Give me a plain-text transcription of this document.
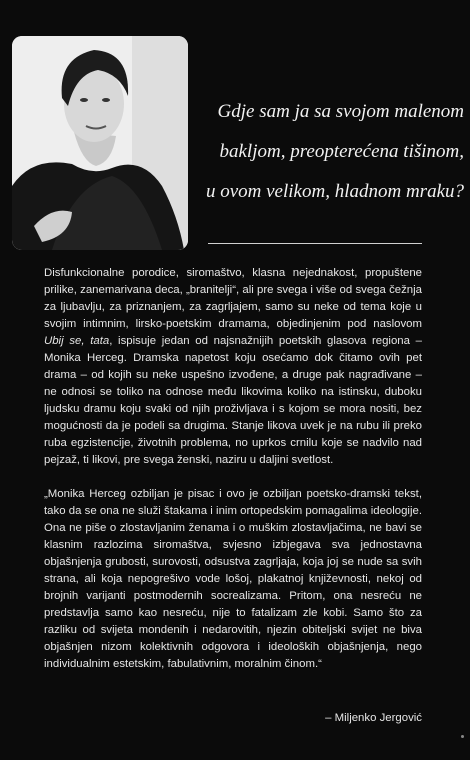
Gdje sam ja sa svojom malenom
bakljom, preopterećena tišinom,
u ovom velikom, hladnom mraku?

Disfunkcionalne porodice, siromaštvo, klasna nejednakost, propuštene prilike, zanemarivana deca, „branitelji“, ali pre svega i više od svega čežnja za ljubavlju, za priznanjem, za zagrljajem, samo su neke od tema koje u svojim intimnim, lirsko-poetskim dramama, objedinjenim pod naslovom Ubij se, tata, ispisuje jedan od najsnažnijih poetskih glasova regiona – Monika Herceg. Dramska napetost koju osećamo dok čitamo ovih pet drama – od kojih su neke uspešno izvođene, a druge pak nagrađivane – ne odnosi se toliko na odnose među likovima koliko na istinsku, duboku ljudsku dramu koju svaki od njih proživljava i s kojom se mora nositi, bez mogućnosti da je podeli sa drugima. Stanje likova uvek je na rubu ili preko ruba egzistencije, životnih problema, no uprkos crnilu koje se nadvilo nad pejzaž, ti likovi, pre svega ženski, naziru u daljini svetlost.

„Monika Herceg ozbiljan je pisac i ovo je ozbiljan poetsko-dramski tekst, tako da se ona ne služi štakama i inim ortopedskim pomagalima ideologije. Ona ne piše o zlostavljanim ženama i o muškim zlostavljačima, ne bavi se klasnim razlozima siromaštva, svjesno izbjegava sva jednostavna objašnjenja grubosti, surovosti, odsustva zagrljaja, koja joj se nude sa svih strana, ali koja nepogrešivo vode lošoj, plakatnoj književnosti, nekoj od brojnih varijanti postmodernih socrealizama. Pritom, ona nesreću ne predstavlja samo kao nesreću, nije to fatalizam zle kobi. Samo što za razliku od svijeta mondenih i nedarovitih, njezin obiteljski svijet ne biva objašnjen nizom kolektivnih odgovora i ideoloških objašnjenja, nego individualnim estetskim, fabulativnim, moralnim činom.“

– Miljenko Jergović
